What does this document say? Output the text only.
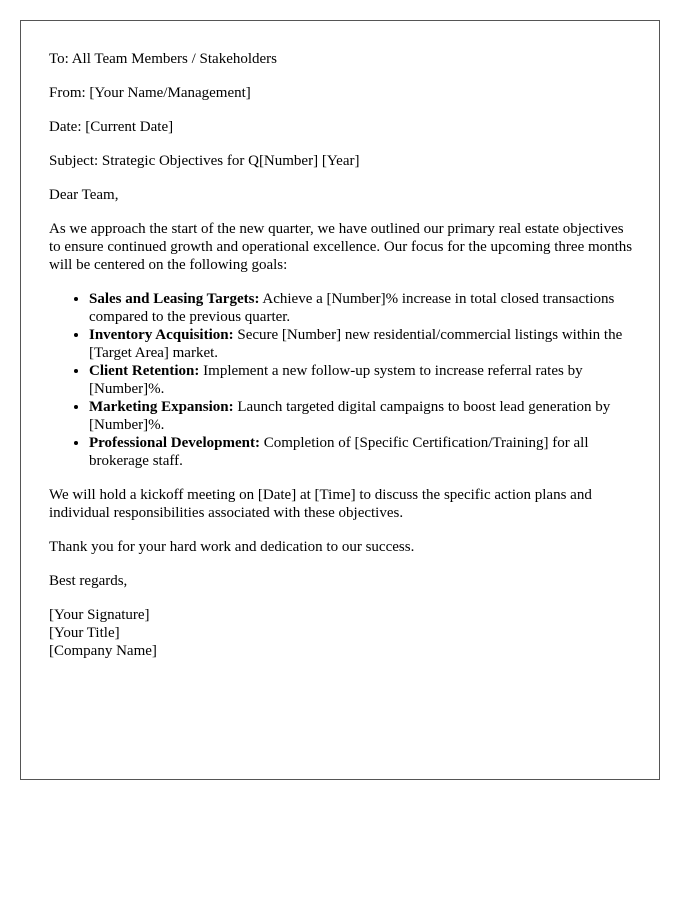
To: All Team Members / Stakeholders

From: [Your Name/Management]

Date: [Current Date]

Subject: Strategic Objectives for Q[Number] [Year]

Dear Team,

As we approach the start of the new quarter, we have outlined our primary real estate objectives to ensure continued growth and operational excellence. Our focus for the upcoming three months will be centered on the following goals:

• Sales and Leasing Targets: Achieve a [Number]% increase in total closed transactions compared to the previous quarter.
• Inventory Acquisition: Secure [Number] new residential/commercial listings within the [Target Area] market.
• Client Retention: Implement a new follow-up system to increase referral rates by [Number]%.
• Marketing Expansion: Launch targeted digital campaigns to boost lead generation by [Number]%.
• Professional Development: Completion of [Specific Certification/Training] for all brokerage staff.

We will hold a kickoff meeting on [Date] at [Time] to discuss the specific action plans and individual responsibilities associated with these objectives.

Thank you for your hard work and dedication to our success.

Best regards,

[Your Signature]
[Your Title]
[Company Name]
